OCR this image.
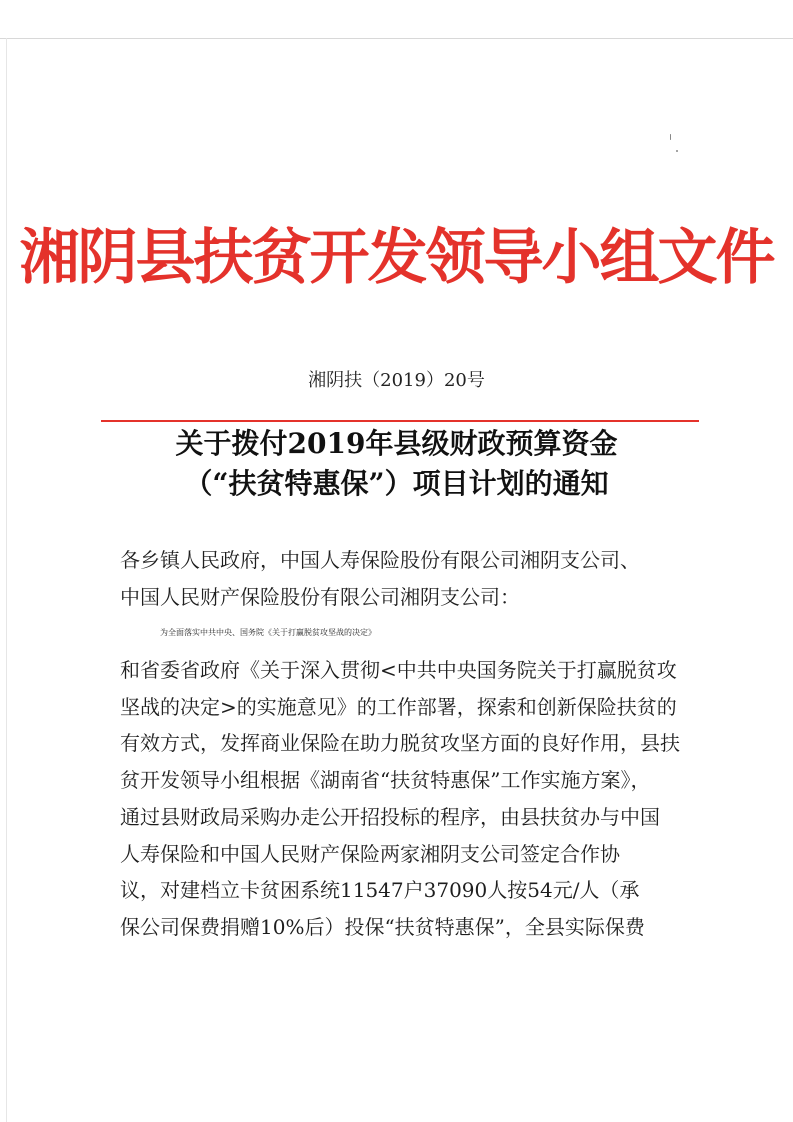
湘阴县扶贫开发领导小组文件
湘阴扶（2019）20号
关于拨付2019年县级财政预算资金
（“扶贫特惠保”）项目计划的通知
各乡镇人民政府，中国人寿保险股份有限公司湘阴支公司、
中国人民财产保险股份有限公司湘阴支公司：
为全面落实中共中央、国务院《关于打赢脱贫攻坚战的决定》
和省委省政府《关于深入贯彻<中共中央国务院关于打赢脱贫攻
坚战的决定>的实施意见》的工作部署，探索和创新保险扶贫的
有效方式，发挥商业保险在助力脱贫攻坚方面的良好作用，县扶
贫开发领导小组根据《湖南省“扶贫特惠保”工作实施方案》，
通过县财政局采购办走公开招投标的程序，由县扶贫办与中国
人寿保险和中国人民财产保险两家湘阴支公司签定合作协
议，对建档立卡贫困系统11547户37090人按54元/人（承
保公司保费捐赠10%后）投保“扶贫特惠保”，全县实际保费
